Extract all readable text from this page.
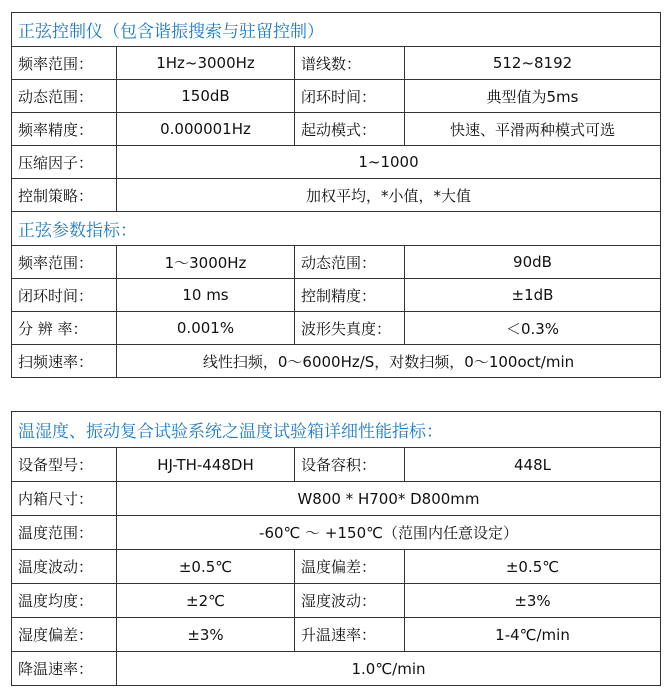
正弦控制仪（包含谐振搜索与驻留控制）			
频率范围：	1Hz~3000Hz	谱线数：	512~8192
动态范围：	150dB	闭环时间：	典型值为5ms
频率精度：	0.000001Hz	起动模式：	快速、平滑两种模式可选
压缩因子：	1~1000		
控制策略：	加权平均，*小值，*大值		
正弦参数指标：			
频率范围：	1～3000Hz	动态范围：	90dB
闭环时间：	10 ms	控制精度：	±1dB
分 辨 率：	0.001%	波形失真度：	＜0.3%
扫频速率：	线性扫频，0～6000Hz/S，对数扫频，0～100oct/min		
温湿度、振动复合试验系统之温度试验箱详细性能指标：			
设备型号：	HJ-TH-448DH	设备容积：	448L
内箱尺寸：	W800 * H700* D800mm		
温度范围：	-60℃ ～ +150℃（范围内任意设定）		
温度波动：	±0.5℃	温度偏差：	±0.5℃
温度均度：	±2℃	湿度波动：	±3%
湿度偏差：	±3%	升温速率：	1-4℃/min
降温速率：	1.0℃/min		
